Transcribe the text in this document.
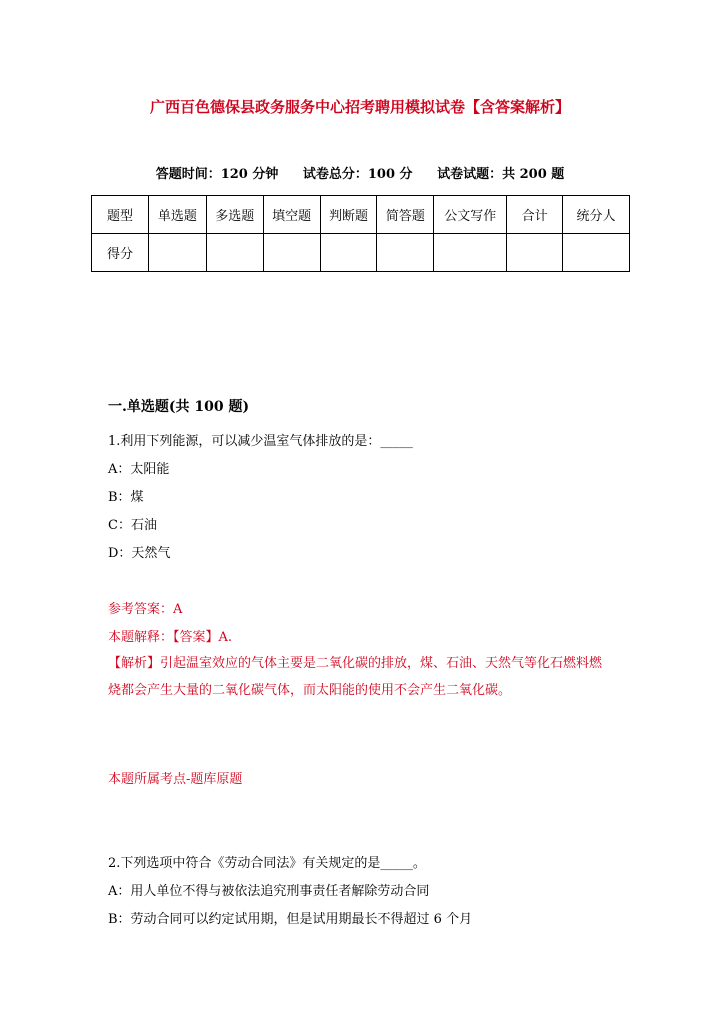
广西百色德保县政务服务中心招考聘用模拟试卷【含答案解析】
答题时间：120 分钟 试卷总分：100 分 试卷试题：共 200 题
题型	单选题	多选题	填空题	判断题	简答题	公文写作	合计	统分人
得分								
一.单选题(共 100 题)
1.利用下列能源，可以减少温室气体排放的是：_____
A：太阳能
B：煤
C：石油
D：天然气
参考答案：A
本题解释：【答案】A.
【解析】引起温室效应的气体主要是二氧化碳的排放，煤、石油、天然气等化石燃料燃烧都会产生大量的二氧化碳气体，而太阳能的使用不会产生二氧化碳。
本题所属考点-题库原题
2.下列选项中符合《劳动合同法》有关规定的是_____。
A：用人单位不得与被依法追究刑事责任者解除劳动合同
B：劳动合同可以约定试用期，但是试用期最长不得超过 6 个月
